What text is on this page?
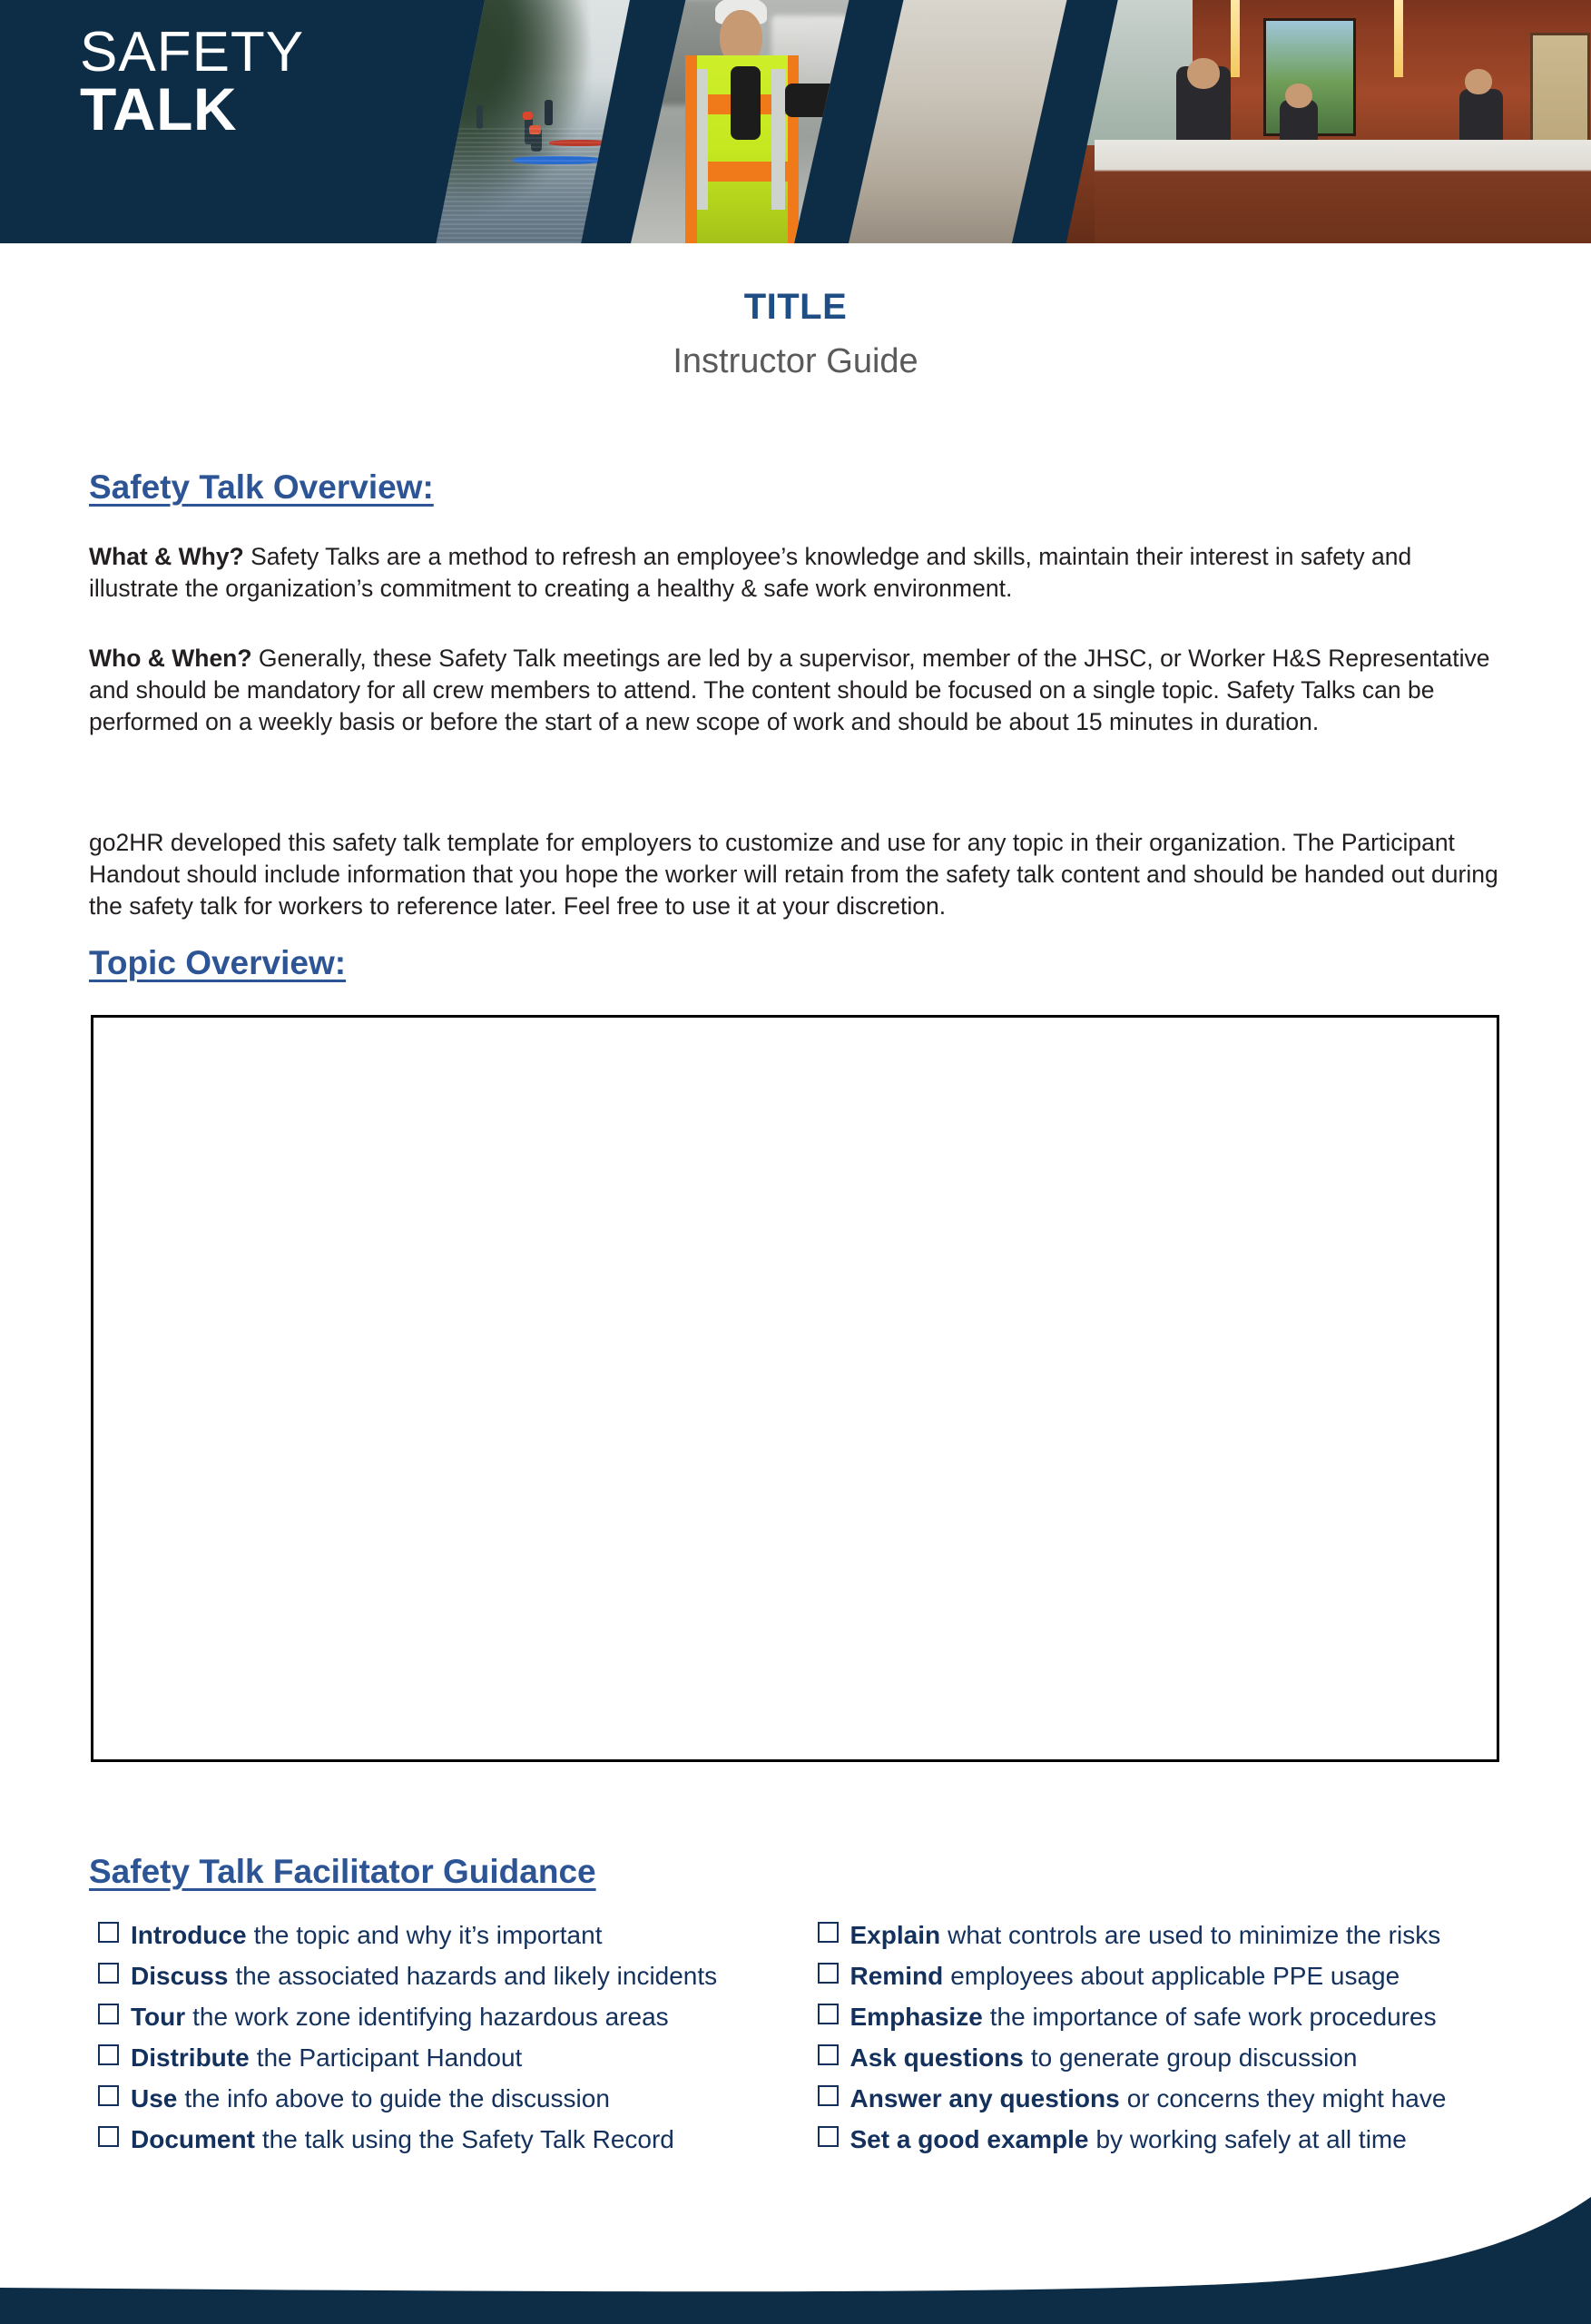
SAFETY
TALK
TITLE
Instructor Guide
Safety Talk Overview:

What & Why? Safety Talks are a method to refresh an employee’s knowledge and skills, maintain their interest in safety and illustrate the organization’s commitment to creating a healthy & safe work environment.

Who & When? Generally, these Safety Talk meetings are led by a supervisor, member of the JHSC, or Worker H&S Representative and should be mandatory for all crew members to attend. The content should be focused on a single topic. Safety Talks can be performed on a weekly basis or before the start of a new scope of work and should be about 15 minutes in duration.

go2HR developed this safety talk template for employers to customize and use for any topic in their organization. The Participant Handout should include information that you hope the worker will retain from the safety talk content and should be handed out during the safety talk for workers to reference later. Feel free to use it at your discretion.

Topic Overview:
Safety Talk Facilitator Guidance
Introduce the topic and why it’s important
Discuss the associated hazards and likely incidents
Tour the work zone identifying hazardous areas
Distribute the Participant Handout
Use the info above to guide the discussion
Document the talk using the Safety Talk Record
Explain what controls are used to minimize the risks
Remind employees about applicable PPE usage
Emphasize the importance of safe work procedures
Ask questions to generate group discussion
Answer any questions or concerns they might have
Set a good example by working safely at all time
